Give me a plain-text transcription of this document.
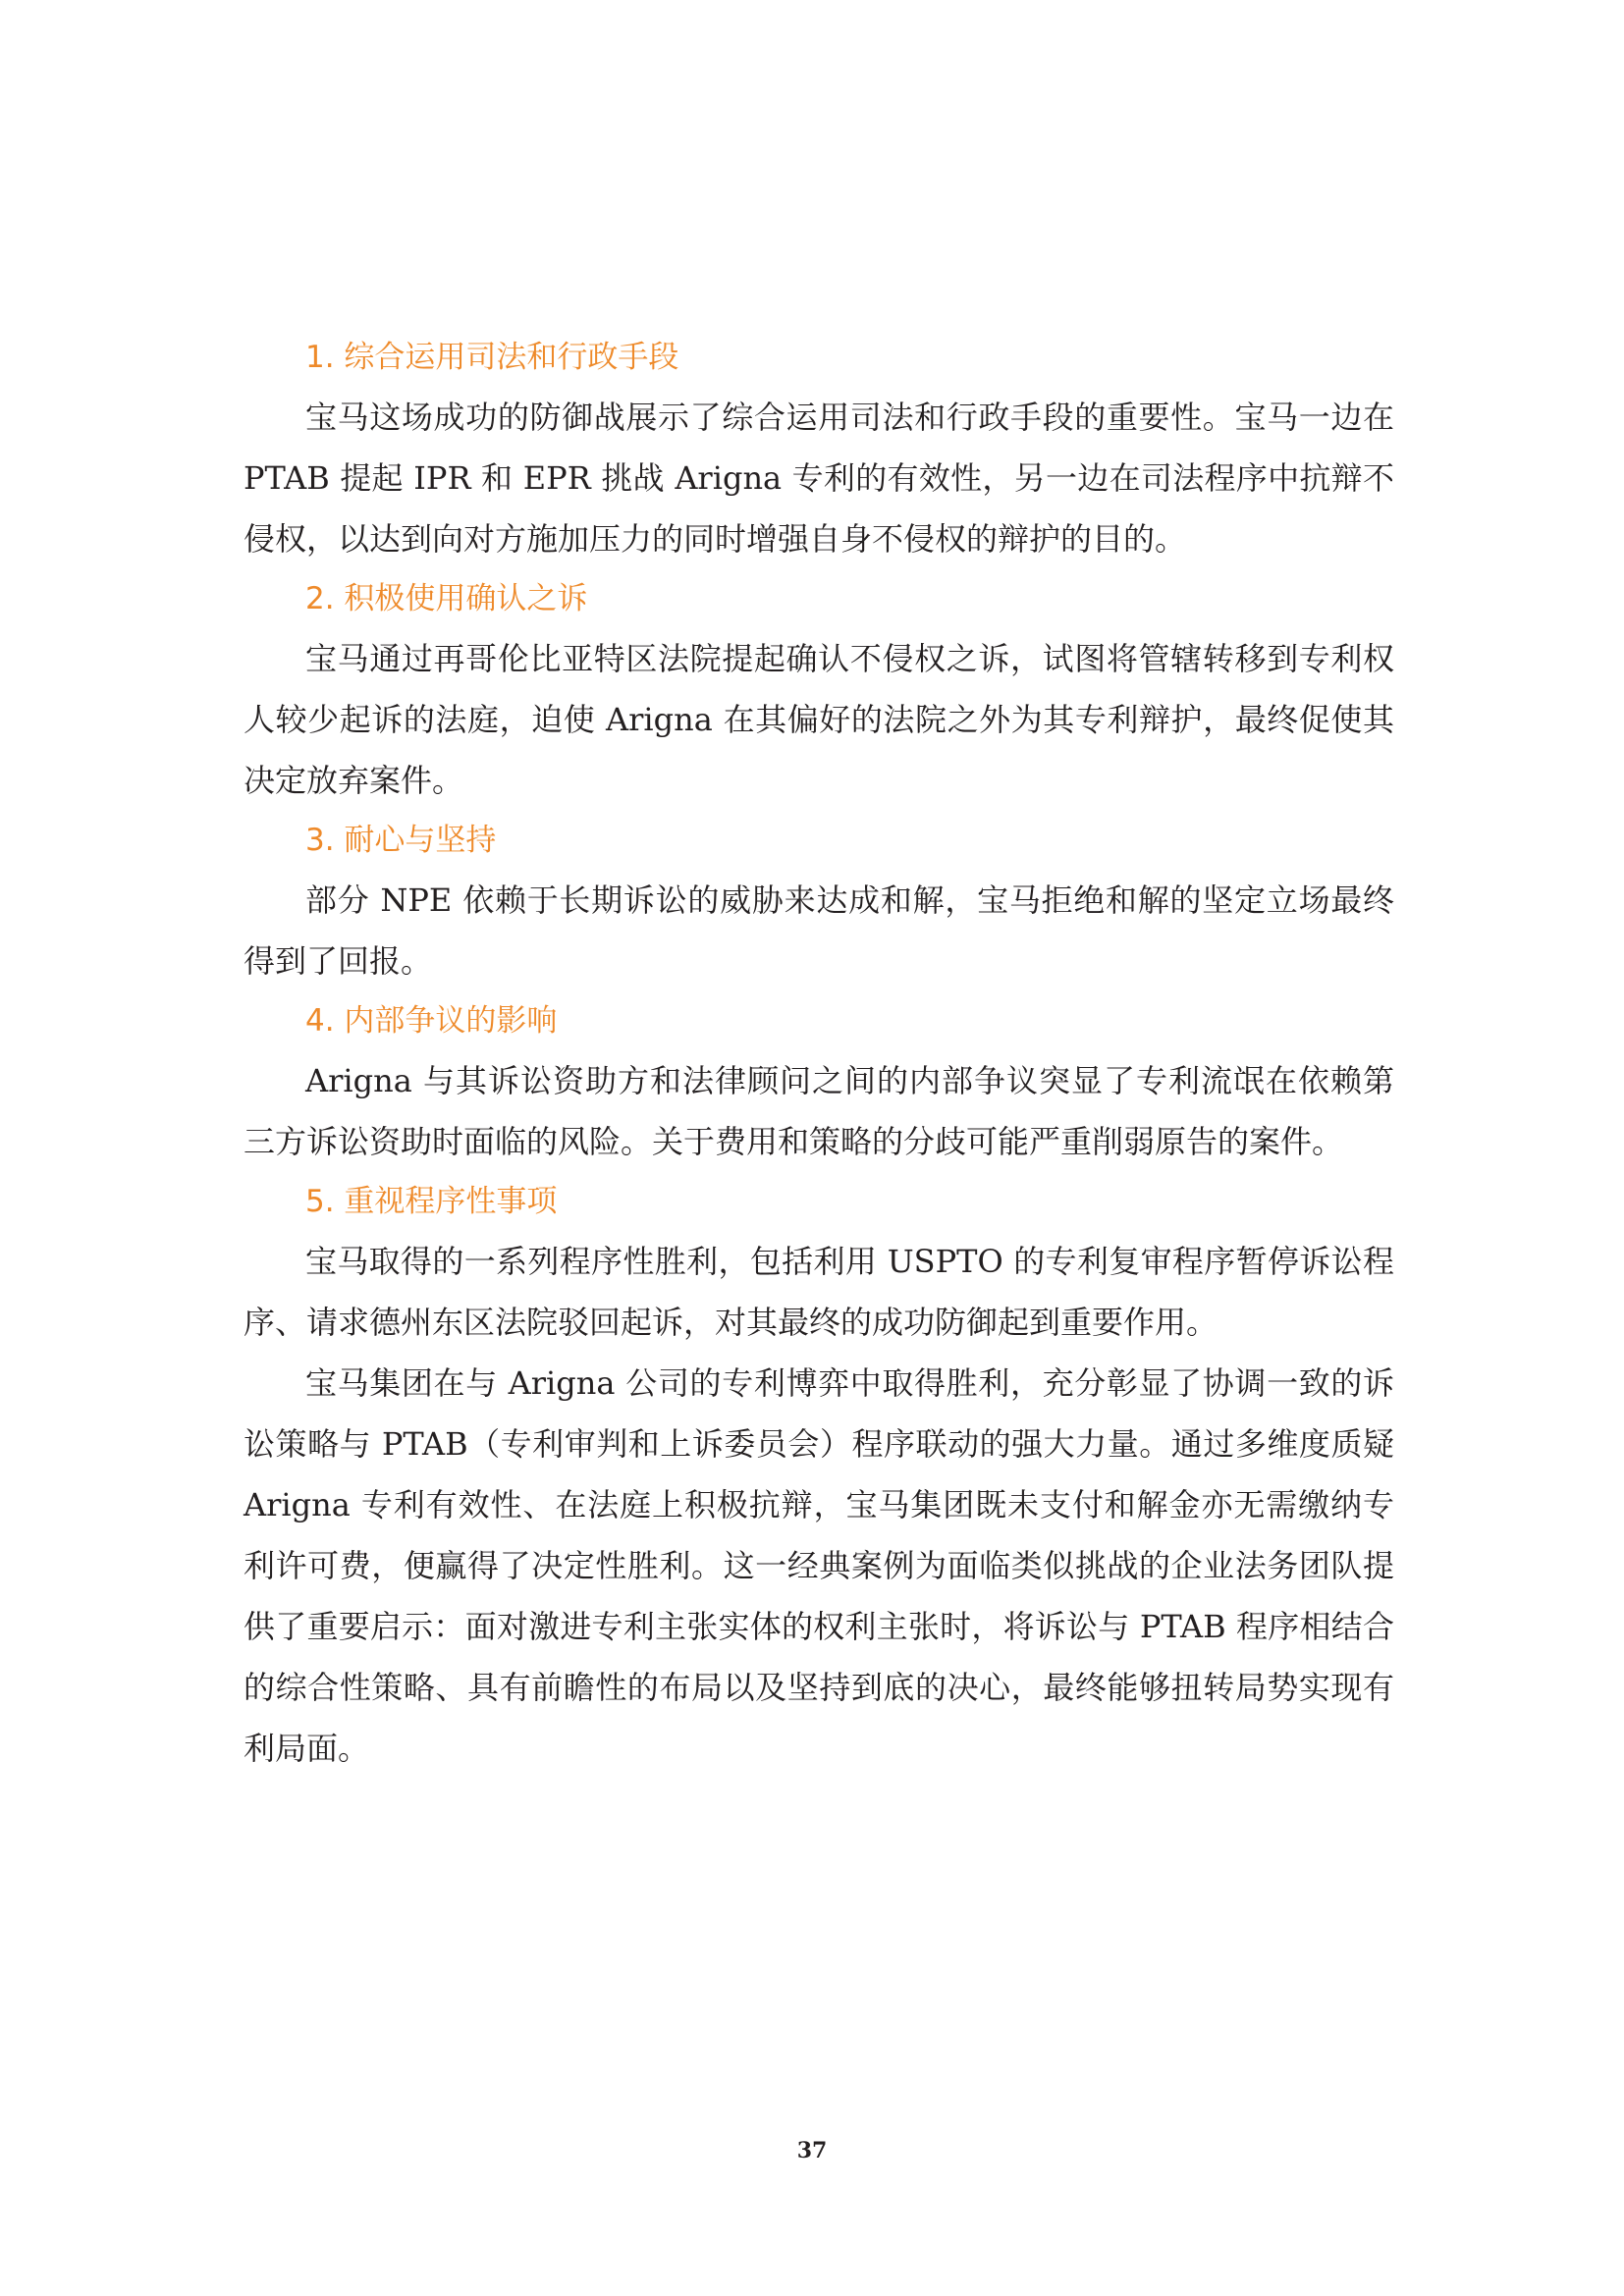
1. 综合运用司法和行政手段

宝马这场成功的防御战展示了综合运用司法和行政手段的重要性。宝马一边在 PTAB 提起 IPR 和 EPR 挑战 Arigna 专利的有效性，另一边在司法程序中抗辩不侵权，以达到向对方施加压力的同时增强自身不侵权的辩护的目的。

2. 积极使用确认之诉

宝马通过再哥伦比亚特区法院提起确认不侵权之诉，试图将管辖转移到专利权人较少起诉的法庭，迫使 Arigna 在其偏好的法院之外为其专利辩护，最终促使其决定放弃案件。

3. 耐心与坚持

部分 NPE 依赖于长期诉讼的威胁来达成和解，宝马拒绝和解的坚定立场最终得到了回报。

4. 内部争议的影响

Arigna 与其诉讼资助方和法律顾问之间的内部争议突显了专利流氓在依赖第三方诉讼资助时面临的风险。关于费用和策略的分歧可能严重削弱原告的案件。

5. 重视程序性事项

宝马取得的一系列程序性胜利，包括利用 USPTO 的专利复审程序暂停诉讼程序、请求德州东区法院驳回起诉，对其最终的成功防御起到重要作用。

宝马集团在与 Arigna 公司的专利博弈中取得胜利，充分彰显了协调一致的诉讼策略与 PTAB（专利审判和上诉委员会）程序联动的强大力量。通过多维度质疑 Arigna 专利有效性、在法庭上积极抗辩，宝马集团既未支付和解金亦无需缴纳专利许可费，便赢得了决定性胜利。这一经典案例为面临类似挑战的企业法务团队提供了重要启示：面对激进专利主张实体的权利主张时，将诉讼与 PTAB 程序相结合的综合性策略、具有前瞻性的布局以及坚持到底的决心，最终能够扭转局势实现有利局面。

37
